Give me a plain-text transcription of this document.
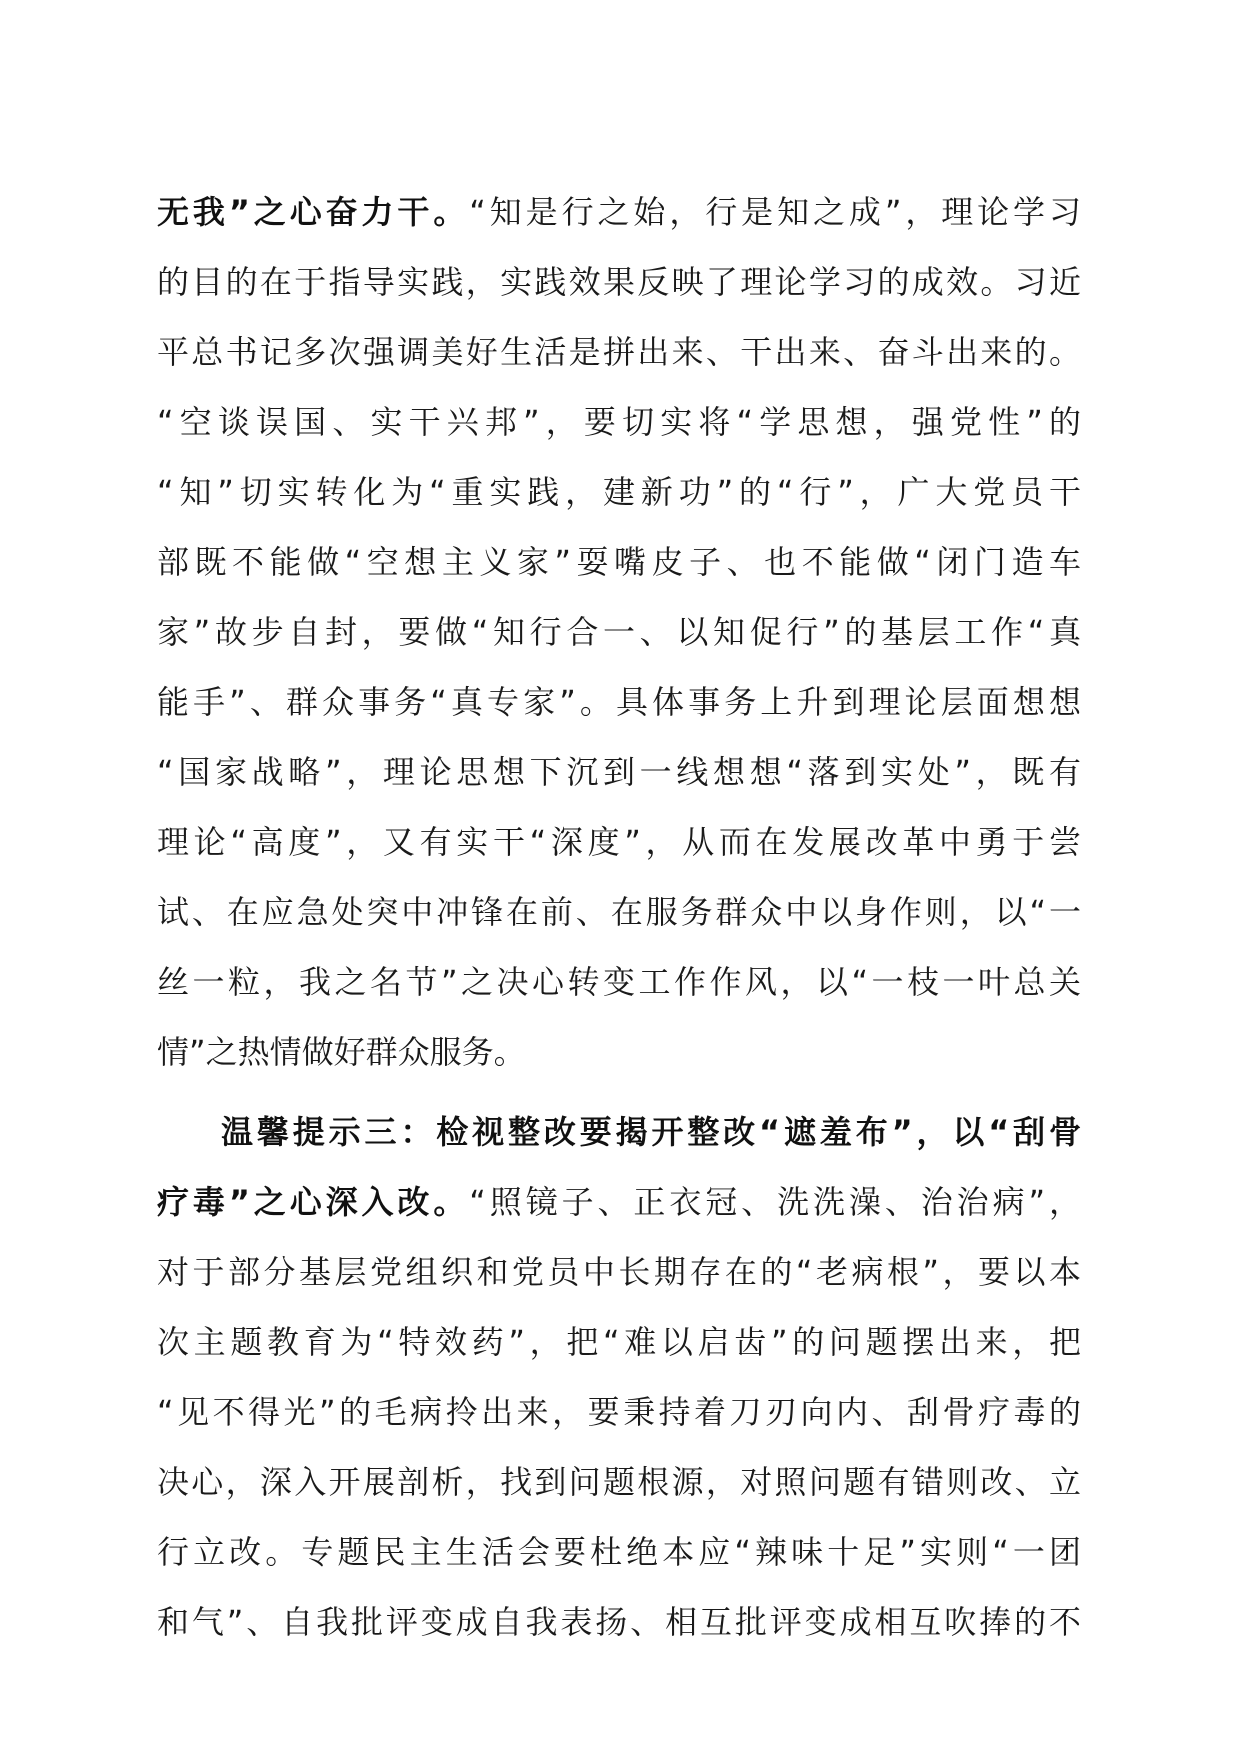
无我”之心奋力干。“知是行之始，行是知之成”，理论学习
的目的在于指导实践，实践效果反映了理论学习的成效。习近
平总书记多次强调美好生活是拼出来、干出来、奋斗出来的。
“空谈误国、实干兴邦”，要切实将“学思想，强党性”的
“知”切实转化为“重实践，建新功”的“行”，广大党员干
部既不能做“空想主义家”耍嘴皮子、也不能做“闭门造车
家”故步自封，要做“知行合一、以知促行”的基层工作“真
能手”、群众事务“真专家”。具体事务上升到理论层面想想
“国家战略”，理论思想下沉到一线想想“落到实处”，既有
理论“高度”，又有实干“深度”，从而在发展改革中勇于尝
试、在应急处突中冲锋在前、在服务群众中以身作则，以“一
丝一粒，我之名节”之决心转变工作作风，以“一枝一叶总关
情”之热情做好群众服务。
温馨提示三：检视整改要揭开整改“遮羞布”，以“刮骨
疗毒”之心深入改。“照镜子、正衣冠、洗洗澡、治治病”，
对于部分基层党组织和党员中长期存在的“老病根”，要以本
次主题教育为“特效药”，把“难以启齿”的问题摆出来，把
“见不得光”的毛病拎出来，要秉持着刀刃向内、刮骨疗毒的
决心，深入开展剖析，找到问题根源，对照问题有错则改、立
行立改。专题民主生活会要杜绝本应“辣味十足”实则“一团
和气”、自我批评变成自我表扬、相互批评变成相互吹捧的不
